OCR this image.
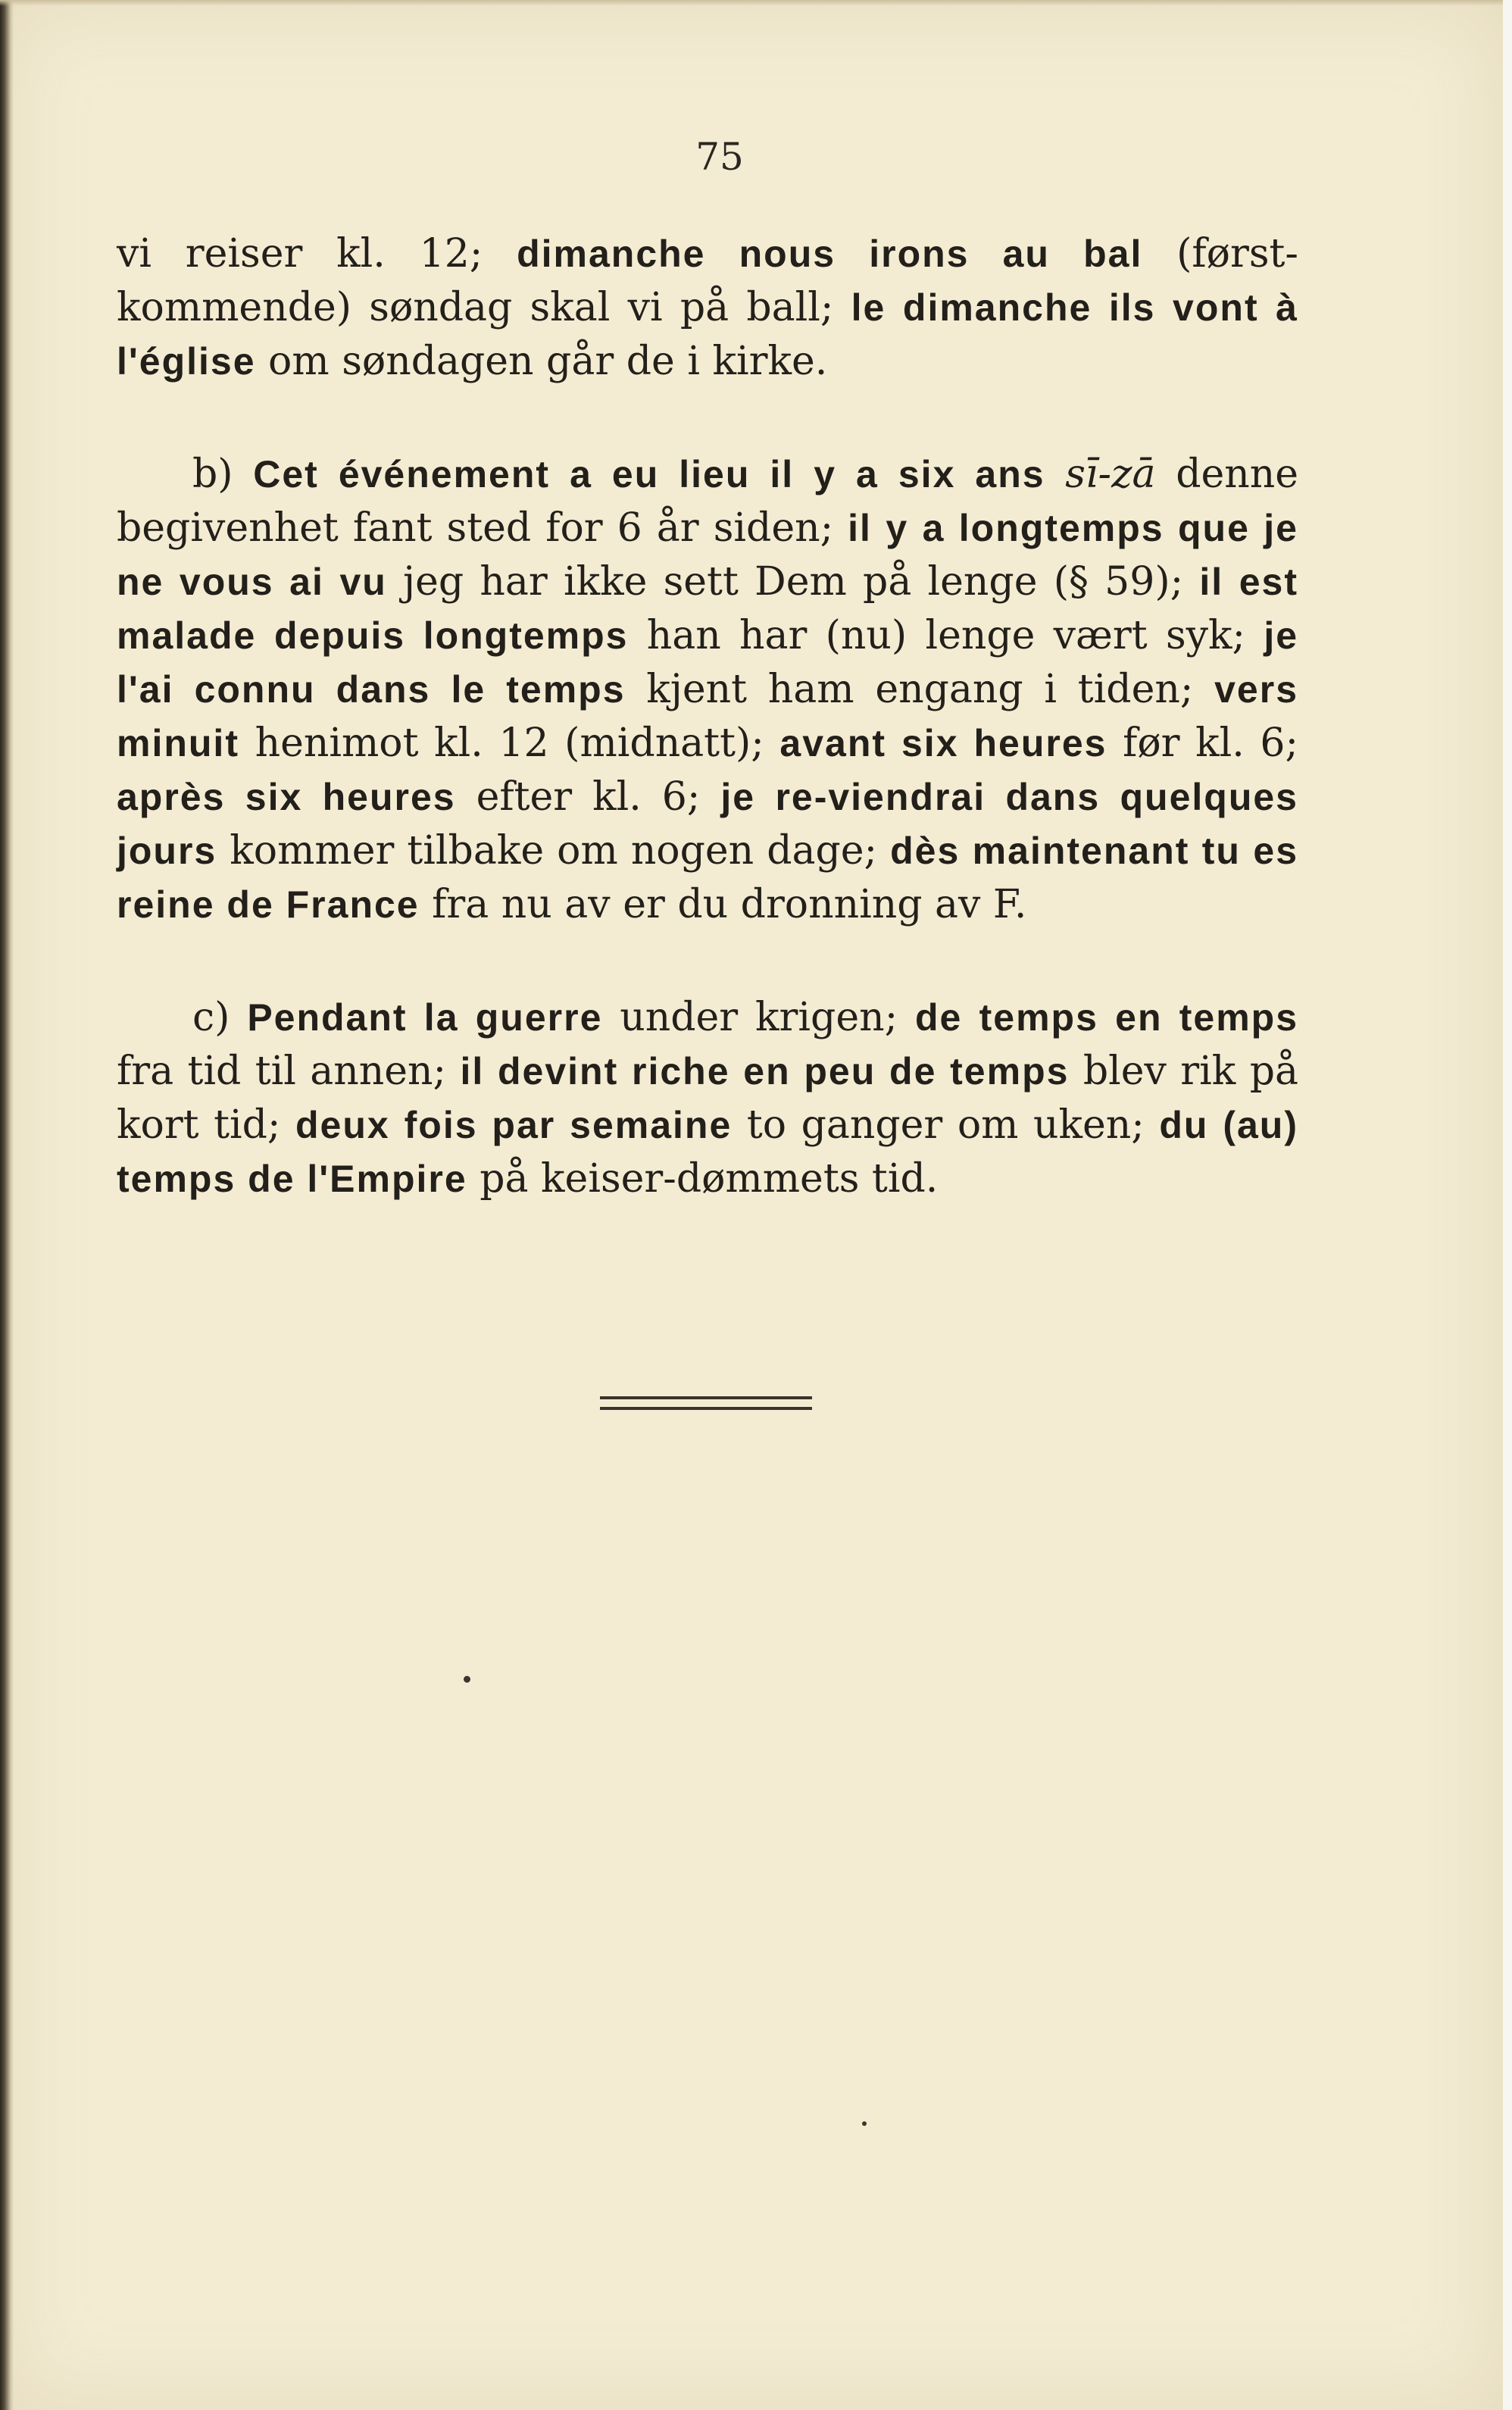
75

vi reiser kl. 12; dimanche nous irons au bal (først-kommende) søndag skal vi på ball; le dimanche ils vont à l'église om søndagen går de i kirke.

b) Cet événement a eu lieu il y a six ans sī-zā denne begivenhet fant sted for 6 år siden; il y a longtemps que je ne vous ai vu jeg har ikke sett Dem på lenge (§ 59); il est malade depuis longtemps han har (nu) lenge vært syk; je l'ai connu dans le temps kjent ham engang i tiden; vers minuit henimot kl. 12 (midnatt); avant six heures før kl. 6; après six heures efter kl. 6; je re-viendrai dans quelques jours kommer tilbake om nogen dage; dès maintenant tu es reine de France fra nu av er du dronning av F.

c) Pendant la guerre under krigen; de temps en temps fra tid til annen; il devint riche en peu de temps blev rik på kort tid; deux fois par semaine to ganger om uken; du (au) temps de l'Empire på keiser-dømmets tid.
